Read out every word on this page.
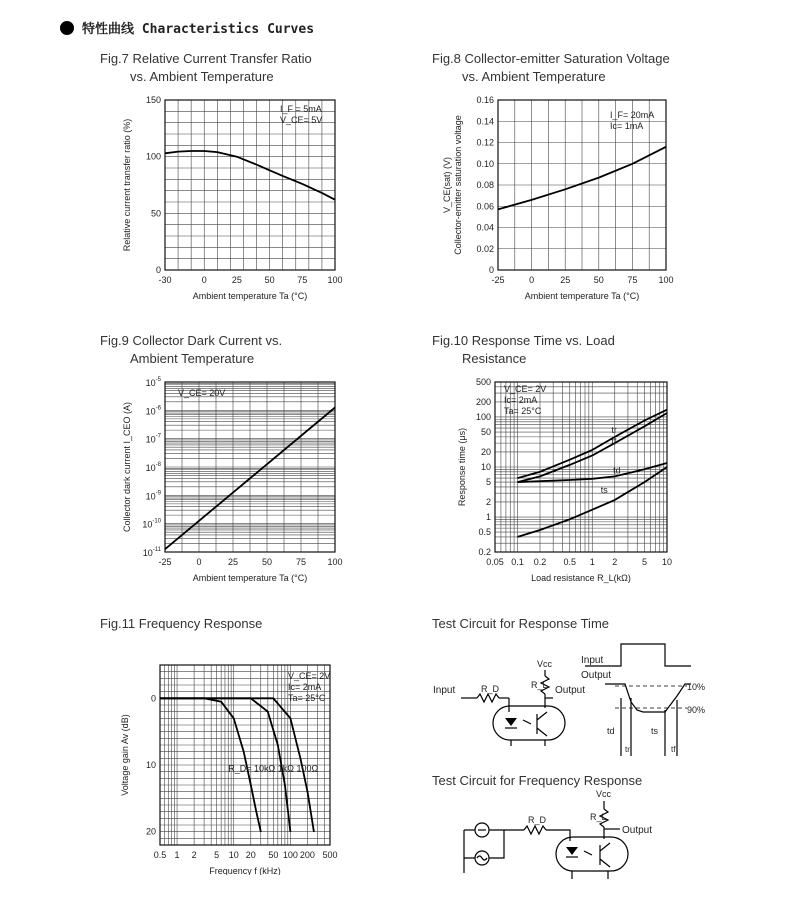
特性曲线 Characteristics Curves
Fig.7 Relative Current Transfer Ratio
vs. Ambient Temperature
Fig.8 Collector-emitter Saturation Voltage
vs. Ambient Temperature
Fig.9 Collector Dark Current vs.
Ambient Temperature
Fig.10 Response Time vs. Load
Resistance
Fig.11 Frequency Response	Test Circuit for Response Time
Test Circuit for Frequency Response
-30	0	25	50	75 100
0
50
100
150
Ambient temperature Ta (°C)
Relative current transfer ratio (%)
I_F = 5mA
V_CE= 5V
-25	0	25	50	75 100
0
0.02
0.04
0.06
0.08
0.10
0.12
0.14
0.16
Ambient temperature Ta (°C)
Collector-emitter saturation voltage
V_CE(sat) (V)
I_F= 20mA
Ic= 1mA
-25	0	25	50	75 100
$10^{-11}$
$10^{-10}$
$10^{-9}$
$10^{-8}$
$10^{-7}$
$10^{-6}$
$10^{-5}$
Ambient temperature Ta (°C)
Collector dark current I_CEO (A)
V_CE= 20V
0.05 0.1 0.2 0.5 1 2	5 10
0.2
0.5
1
2
5
10
20
50
100
200
500
Load resistance R_L(kΩ)
Response time (μs)
V_CE= 2V
Ic= 2mA
Ta= 25°C
tr
tf
td
ts
0.5 1 2 5 10 20 50 100 200 500
0
10
20
Frequency f (kHz)
Voltage gain Av (dB)
V_CE= 2V
Ic= 2mA
Ta= 25°C
R_D= 10kΩ 1kΩ 100Ω
Input	R_D
Vcc
R_L Output
Input
Output
10%
90%
td
tr
ts
tf
Vcc
R_L
Output
R_D
